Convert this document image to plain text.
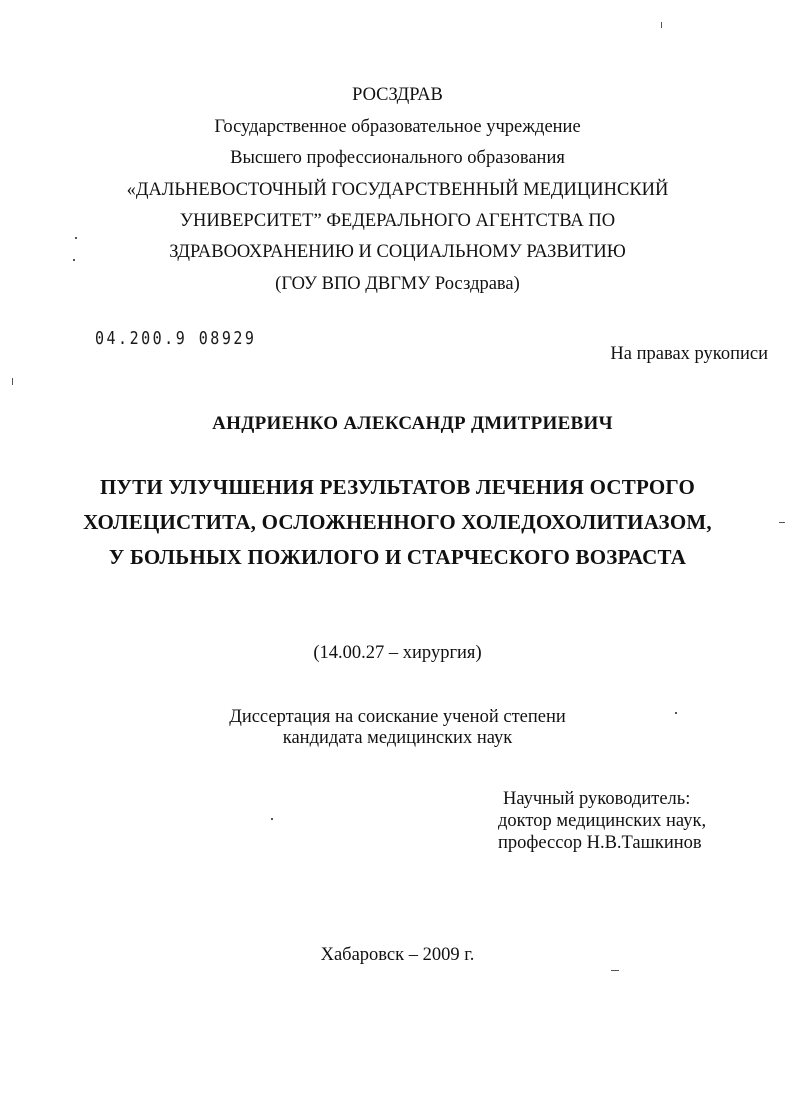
РОСЗДРАВ
Государственное образовательное учреждение
Высшего профессионального образования
«ДАЛЬНЕВОСТОЧНЫЙ ГОСУДАРСТВЕННЫЙ МЕДИЦИНСКИЙ
УНИВЕРСИТЕТ” ФЕДЕРАЛЬНОГО АГЕНТСТВА ПО
ЗДРАВООХРАНЕНИЮ И СОЦИАЛЬНОМУ РАЗВИТИЮ
(ГОУ ВПО ДВГМУ Росздрава)
04.200.9 08929
На правах рукописи
АНДРИЕНКО АЛЕКСАНДР ДМИТРИЕВИЧ
ПУТИ УЛУЧШЕНИЯ РЕЗУЛЬТАТОВ ЛЕЧЕНИЯ ОСТРОГО
ХОЛЕЦИСТИТА, ОСЛОЖНЕННОГО ХОЛЕДОХОЛИТИАЗОМ,
У БОЛЬНЫХ ПОЖИЛОГО И СТАРЧЕСКОГО ВОЗРАСТА
(14.00.27 – хирургия)
Диссертация на соискание ученой степени
кандидата медицинских наук
Научный руководитель:
доктор медицинских наук,
профессор Н.В.Ташкинов
Хабаровск – 2009 г.
